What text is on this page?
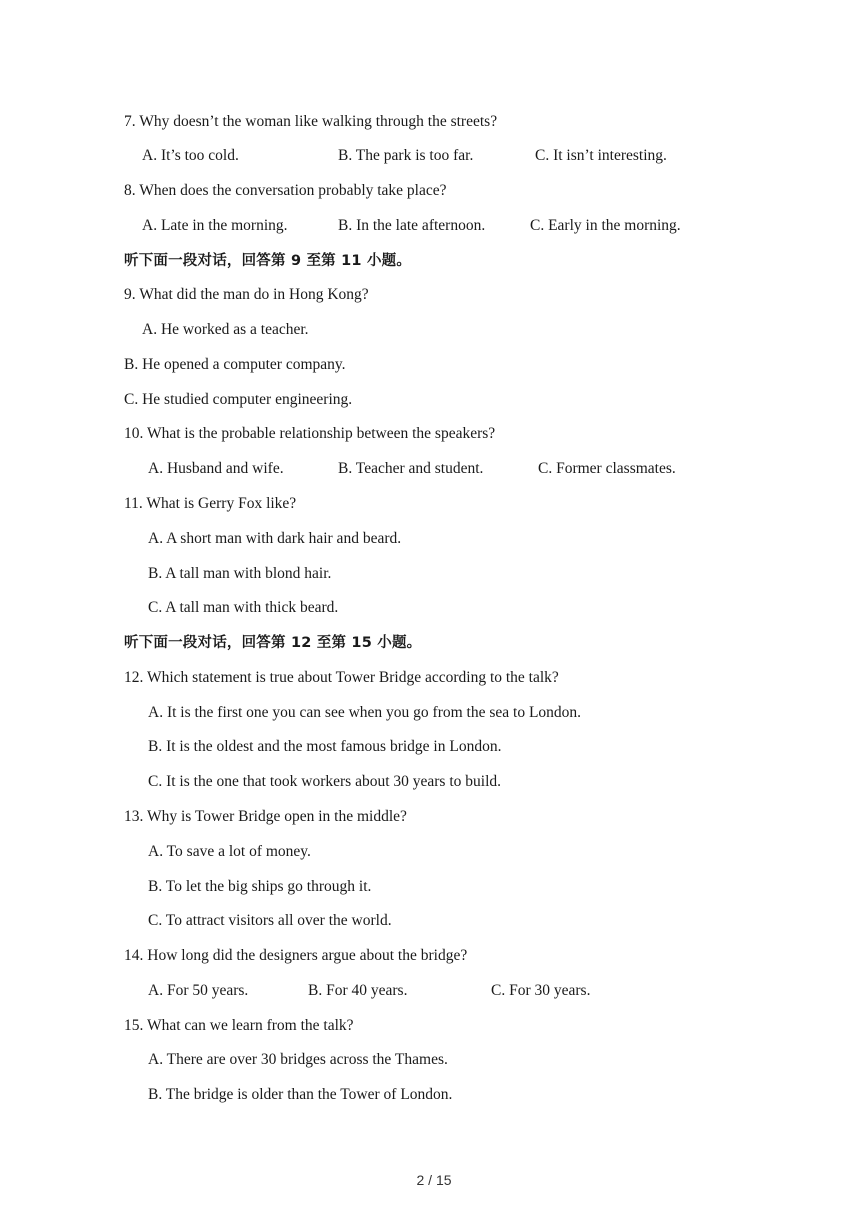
7. Why doesn’t the woman like walking through the streets?
A. It’s too cold.	B. The park is too far.	C. It isn’t interesting.
8. When does the conversation probably take place?
A. Late in the morning.	B. In the late afternoon.	C. Early in the morning.
听下面一段对话，回答第 9 至第 11 小题。
9. What did the man do in Hong Kong?
A. He worked as a teacher.
B. He opened a computer company.
C. He studied computer engineering.
10. What is the probable relationship between the speakers?
A. Husband and wife.	B. Teacher and student.	C. Former classmates.
11. What is Gerry Fox like?
A. A short man with dark hair and beard.
B. A tall man with blond hair.
C. A tall man with thick beard.
听下面一段对话，回答第 12 至第 15 小题。
12. Which statement is true about Tower Bridge according to the talk?
A. It is the first one you can see when you go from the sea to London.
B. It is the oldest and the most famous bridge in London.
C. It is the one that took workers about 30 years to build.
13. Why is Tower Bridge open in the middle?
A. To save a lot of money.
B. To let the big ships go through it.
C. To attract visitors all over the world.
14. How long did the designers argue about the bridge?
A. For 50 years.	B. For 40 years.	C. For 30 years.
15. What can we learn from the talk?
A. There are over 30 bridges across the Thames.
B. The bridge is older than the Tower of London.
2 / 15
